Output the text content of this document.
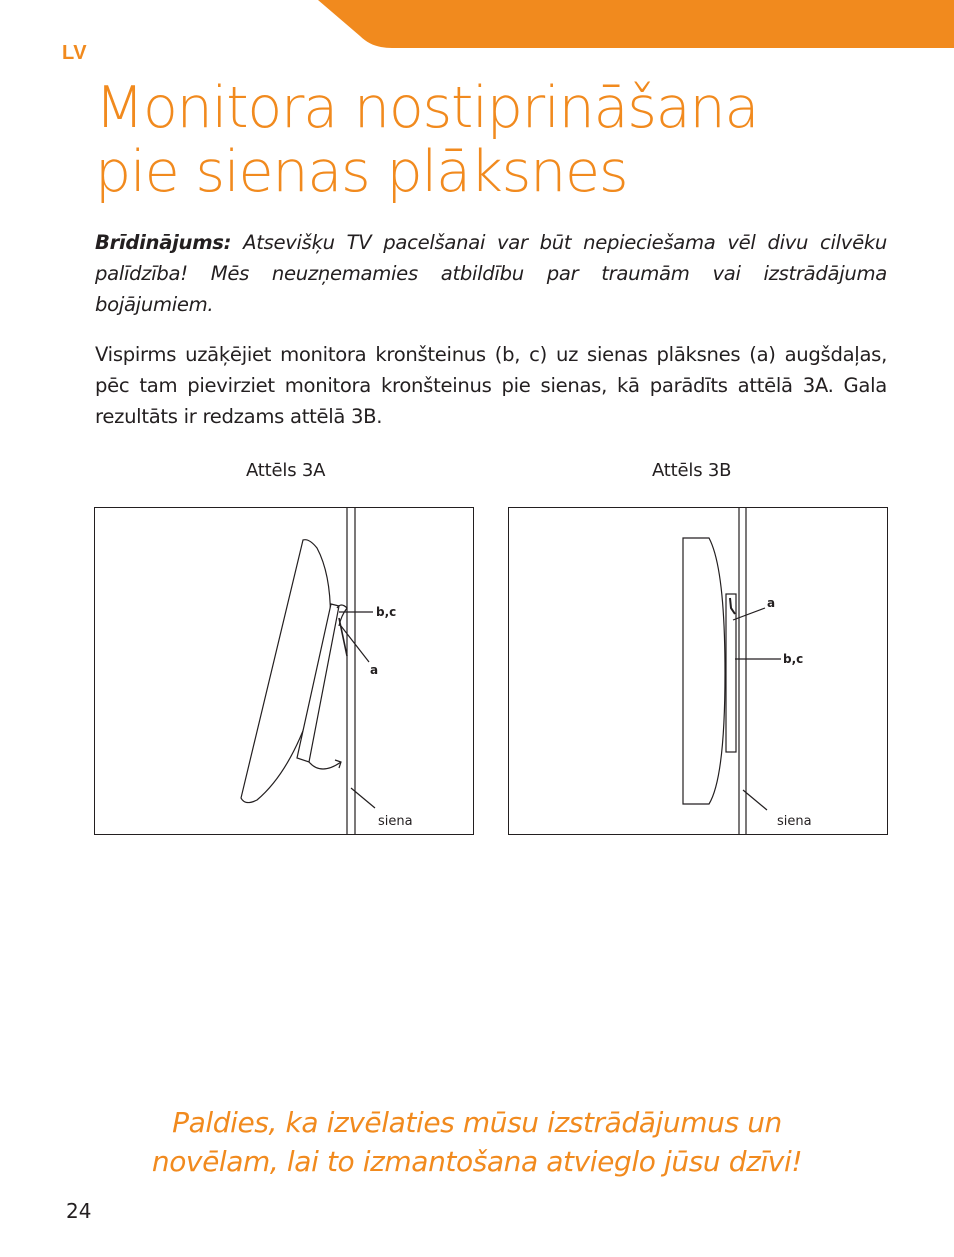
LV
Monitora nostiprināšana
pie sienas plāksnes

Brīdinājums: Atsevišķu TV pacelšanai var būt nepieciešama vēl divu cilvēku palīdzība! Mēs neuzņemamies atbildību par traumām vai izstrādājuma bojājumiem.

Vispirms uzāķējiet monitora kronšteinus (b, c) uz sienas plāksnes (a) augšdaļas, pēc tam pievirziet monitora kronšteinus pie sienas, kā parādīts attēlā 3A. Gala rezultāts ir redzams attēlā 3B.

Attēls 3A	Attēls 3B
b,c
a
siena
a
b,c
siena

Paldies, ka izvēlaties mūsu izstrādājumus un
novēlam, lai to izmantošana atvieglo jūsu dzīvi!

24
